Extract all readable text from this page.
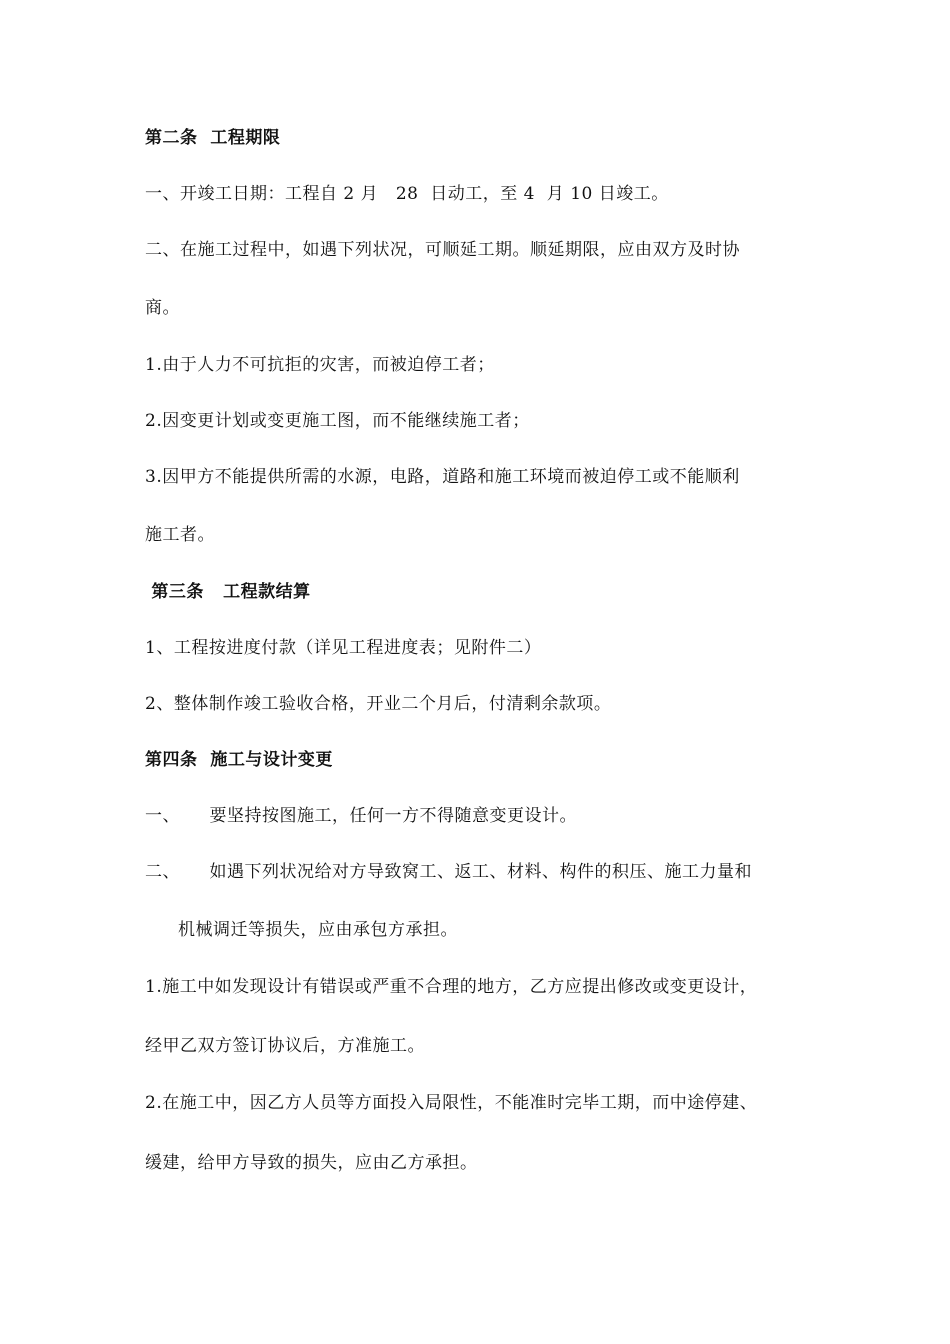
第二条  工程期限
一、开竣工日期：工程自 2 月   28  日动工，至 4  月 10 日竣工。
二、在施工过程中，如遇下列状况，可顺延工期。顺延期限，应由双方及时协
商。
1.由于人力不可抗拒的灾害，而被迫停工者；
2.因变更计划或变更施工图，而不能继续施工者；
3.因甲方不能提供所需的水源，电路，道路和施工环境而被迫停工或不能顺利
施工者。
第三条   工程款结算
1、工程按进度付款（详见工程进度表；见附件二）
2、整体制作竣工验收合格，开业二个月后，付清剩余款项。
第四条  施工与设计变更
一、     要坚持按图施工，任何一方不得随意变更设计。
二、     如遇下列状况给对方导致窝工、返工、材料、构件的积压、施工力量和
机械调迁等损失，应由承包方承担。
1.施工中如发现设计有错误或严重不合理的地方，乙方应提出修改或变更设计，
经甲乙双方签订协议后，方准施工。
2.在施工中，因乙方人员等方面投入局限性，不能准时完毕工期，而中途停建、
缓建，给甲方导致的损失，应由乙方承担。
